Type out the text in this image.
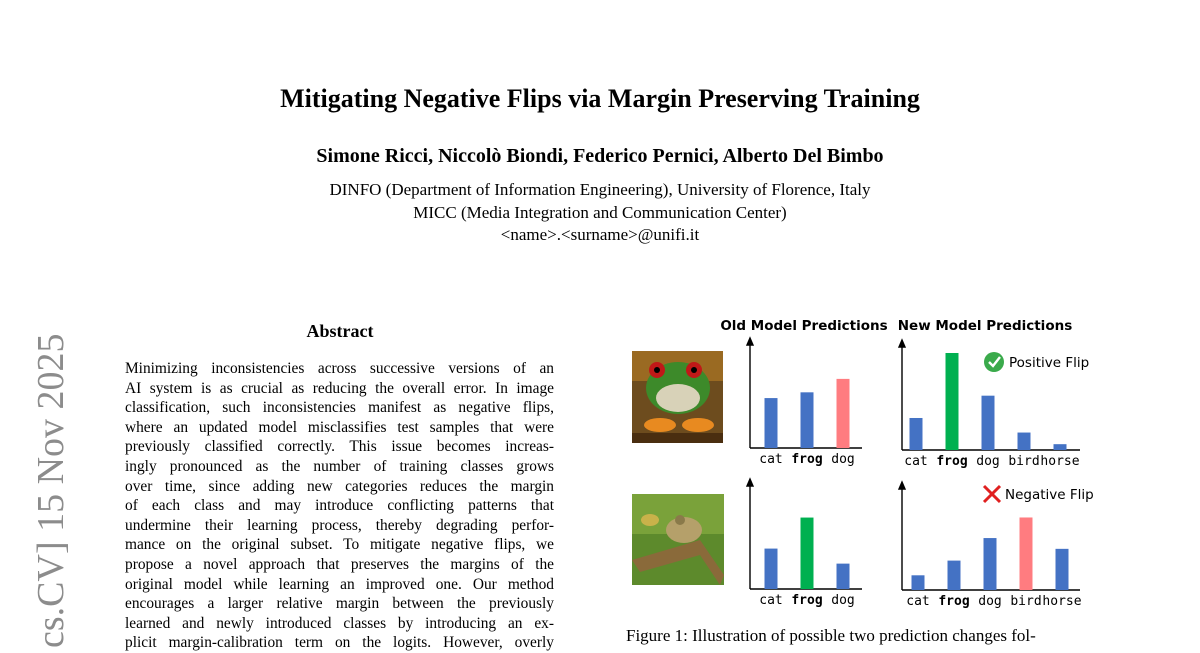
Mitigating Negative Flips via Margin Preserving Training
Simone Ricci, Niccolò Biondi, Federico Pernici, Alberto Del Bimbo
DINFO (Department of Information Engineering), University of Florence, Italy
MICC (Media Integration and Communication Center)
<name>.<surname>@unifi.it
cs.CV] 15 Nov 2025
Abstract
Minimizing inconsistencies across successive versions of an
AI system is as crucial as reducing the overall error. In image
classification, such inconsistencies manifest as negative flips,
where an updated model misclassifies test samples that were
previously classified correctly. This issue becomes increas-
ingly pronounced as the number of training classes grows
over time, since adding new categories reduces the margin
of each class and may introduce conflicting patterns that
undermine their learning process, thereby degrading perfor-
mance on the original subset. To mitigate negative flips, we
propose a novel approach that preserves the margins of the
original model while learning an improved one. Our method
encourages a larger relative margin between the previously
learned and newly introduced classes by introducing an ex-
plicit margin-calibration term on the logits. However, overly
Old Model Predictions New Model Predictions
cat frog dog	cat frog dog bird horse
cat frog dog	cat frog dog bird horse
Positive Flip
Negative Flip
Figure 1: Illustration of possible two prediction changes fol-
